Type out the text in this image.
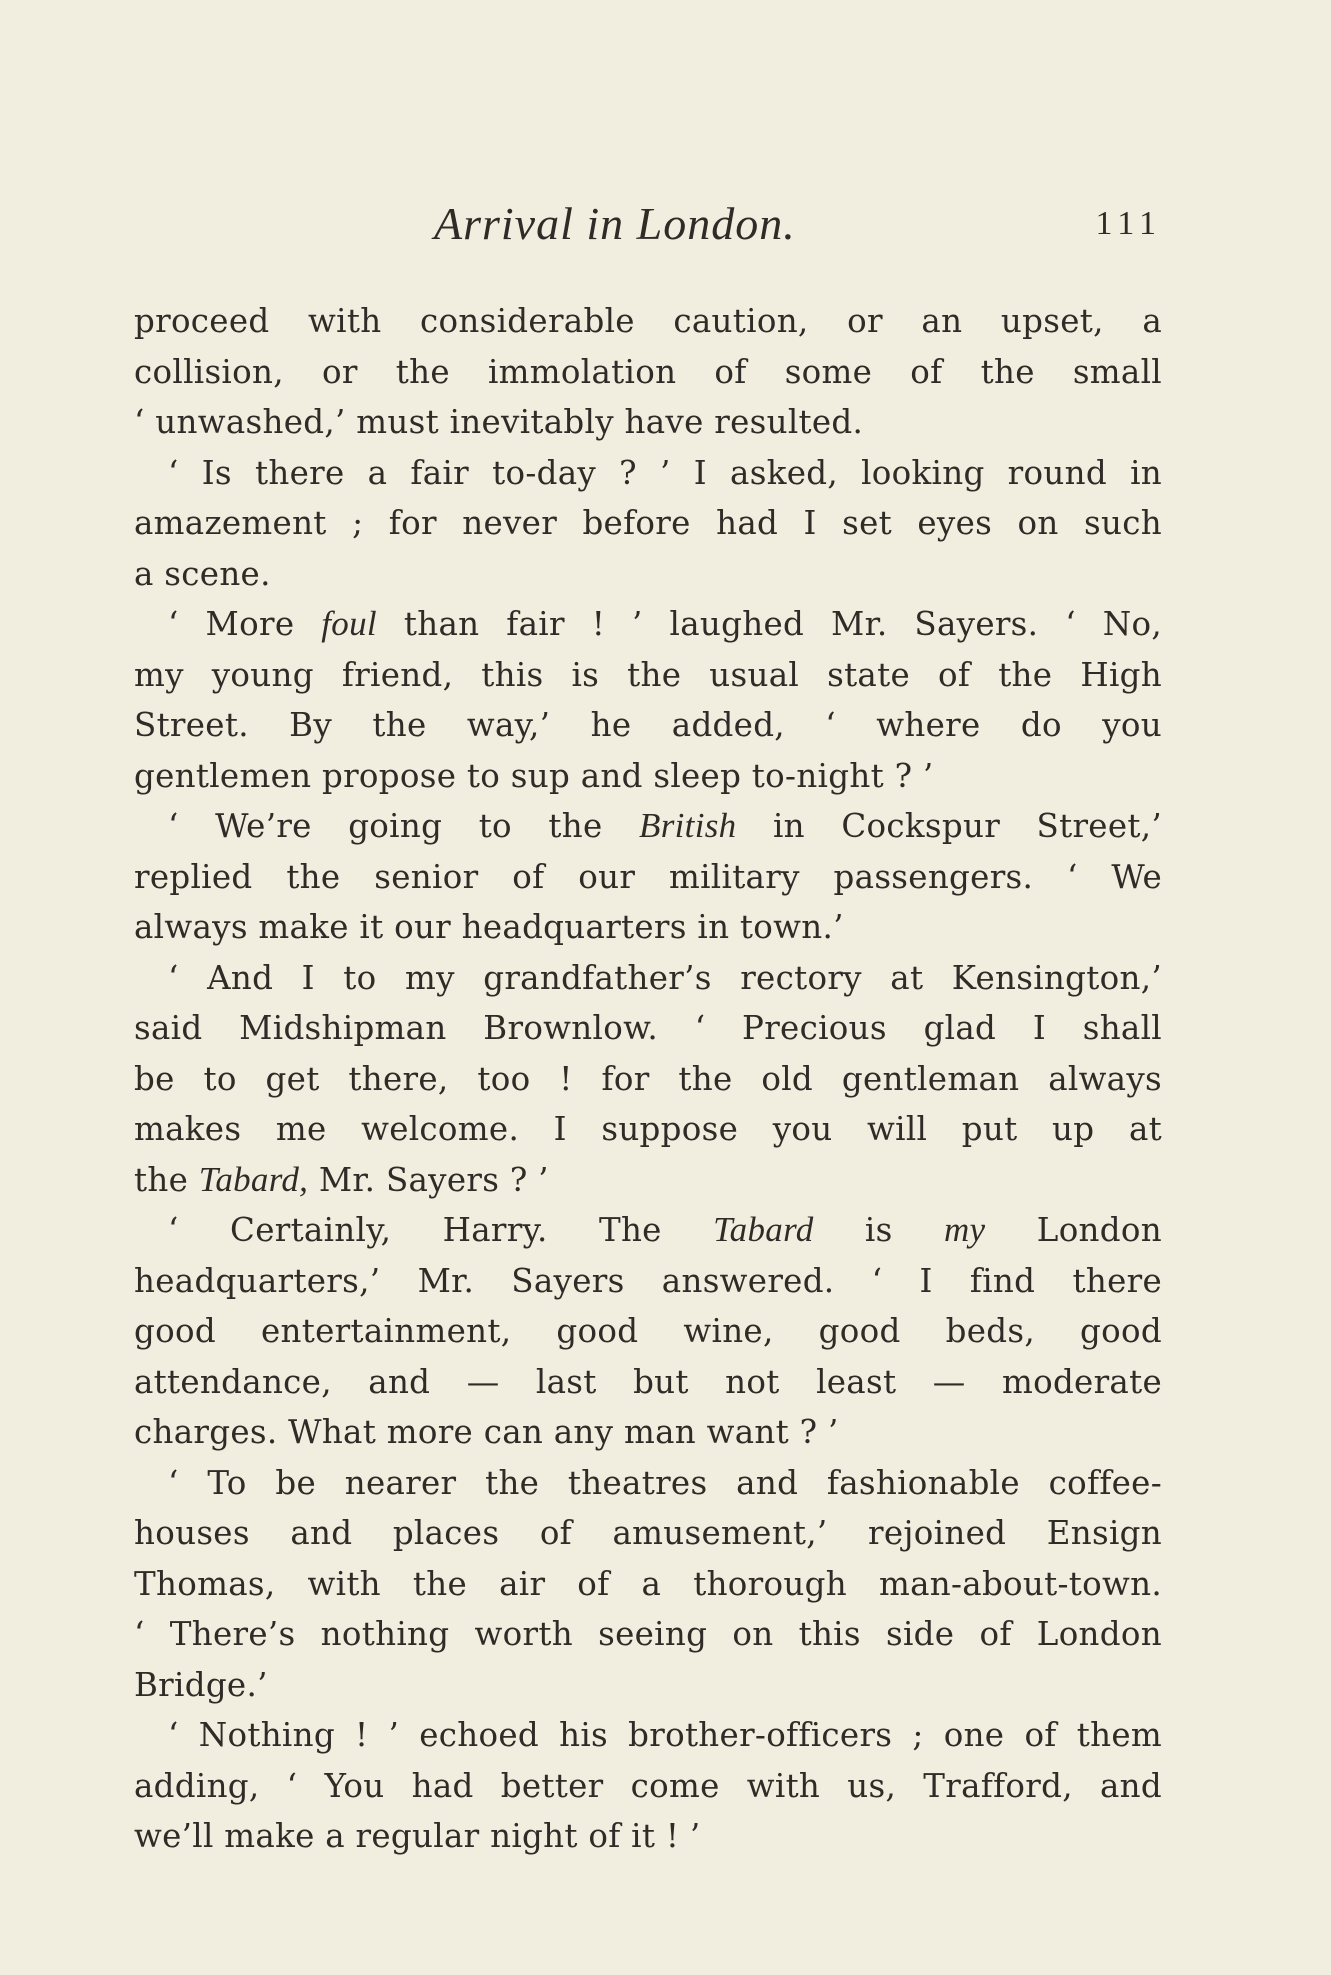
Arrival in London.	111
proceed with considerable caution, or an upset, a
collision, or the immolation of some of the small
‘ unwashed,’ must inevitably have resulted.
‘ Is there a fair to-day ? ’ I asked, looking round in
amazement ; for never before had I set eyes on such
a scene.
‘ More foul than fair ! ’ laughed Mr. Sayers. ‘ No,
my young friend, this is the usual state of the High
Street. By the way,’ he added, ‘ where do you
gentlemen propose to sup and sleep to-night ? ’
‘ We’re going to the British in Cockspur Street,’
replied the senior of our military passengers. ‘ We
always make it our headquarters in town.’
‘ And I to my grandfather’s rectory at Kensington,’
said Midshipman Brownlow. ‘ Precious glad I shall
be to get there, too ! for the old gentleman always
makes me welcome. I suppose you will put up at
the Tabard, Mr. Sayers ? ’
‘ Certainly, Harry. The Tabard is my London
headquarters,’ Mr. Sayers answered. ‘ I find there
good entertainment, good wine, good beds, good
attendance, and — last but not least — moderate
charges. What more can any man want ? ’
‘ To be nearer the theatres and fashionable coffee-
houses and places of amusement,’ rejoined Ensign
Thomas, with the air of a thorough man-about-town.
‘ There’s nothing worth seeing on this side of London
Bridge.’
‘ Nothing ! ’ echoed his brother-officers ; one of them
adding, ‘ You had better come with us, Trafford, and
we’ll make a regular night of it ! ’
